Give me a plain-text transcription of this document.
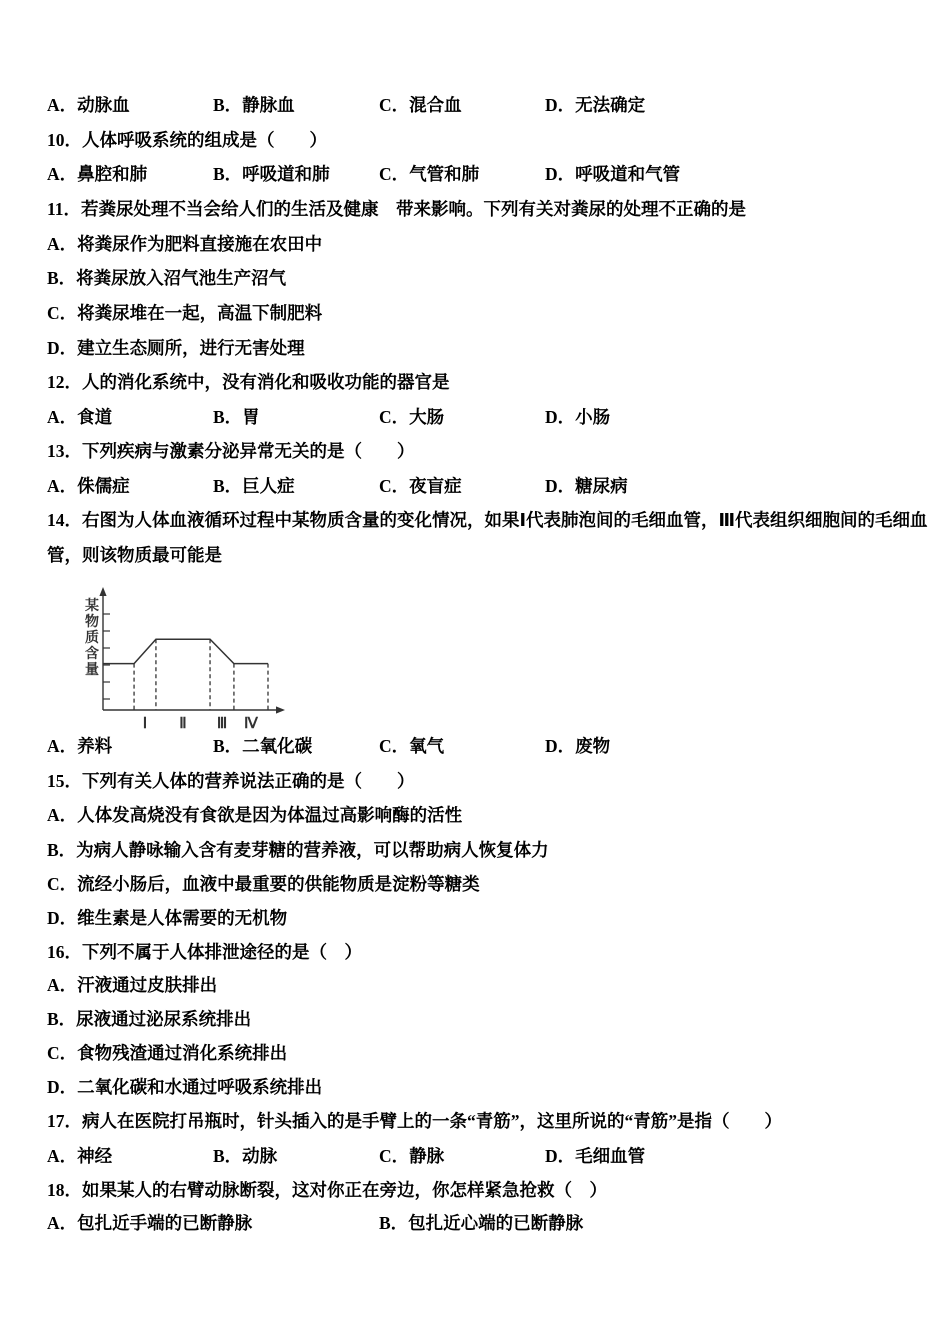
A．动脉血	B．静脉血	C．混合血	D．无法确定
10．人体呼吸系统的组成是（　　）
A．鼻腔和肺	B．呼吸道和肺	C．气管和肺	D．呼吸道和气管
11．若粪尿处理不当会给人们的生活及健康　带来影响。下列有关对粪尿的处理不正确的是
A．将粪尿作为肥料直接施在农田中
B．将粪尿放入沼气池生产沼气
C．将粪尿堆在一起，高温下制肥料
D．建立生态厕所，进行无害处理
12．人的消化系统中，没有消化和吸收功能的器官是
A．食道	B．胃	C．大肠	D．小肠
13．下列疾病与激素分泌异常无关的是（　　）
A．侏儒症	B．巨人症	C．夜盲症	D．糖尿病
14．右图为人体血液循环过程中某物质含量的变化情况，如果Ⅰ代表肺泡间的毛细血管，Ⅲ代表组织细胞间的毛细血
管，则该物质最可能是
Ⅰ Ⅱ Ⅲ Ⅳ
某
物
质
含
量
A．养料	B．二氧化碳	C．氧气	D．废物
15．下列有关人体的营养说法正确的是（　　）
A．人体发高烧没有食欲是因为体温过高影响酶的活性
B．为病人静咏输入含有麦芽糖的营养液，可以帮助病人恢复体力
C．流经小肠后，血液中最重要的供能物质是淀粉等糖类
D．维生素是人体需要的无机物
16．下列不属于人体排泄途径的是（　）
A．汗液通过皮肤排出
B．尿液通过泌尿系统排出
C．食物残渣通过消化系统排出
D．二氧化碳和水通过呼吸系统排出
17．病人在医院打吊瓶时，针头插入的是手臂上的一条“青筋”，这里所说的“青筋”是指（　　）
A．神经	B．动脉	C．静脉	D．毛细血管
18．如果某人的右臂动脉断裂，这对你正在旁边，你怎样紧急抢救（　）
A．包扎近手端的已断静脉	B．包扎近心端的已断静脉
